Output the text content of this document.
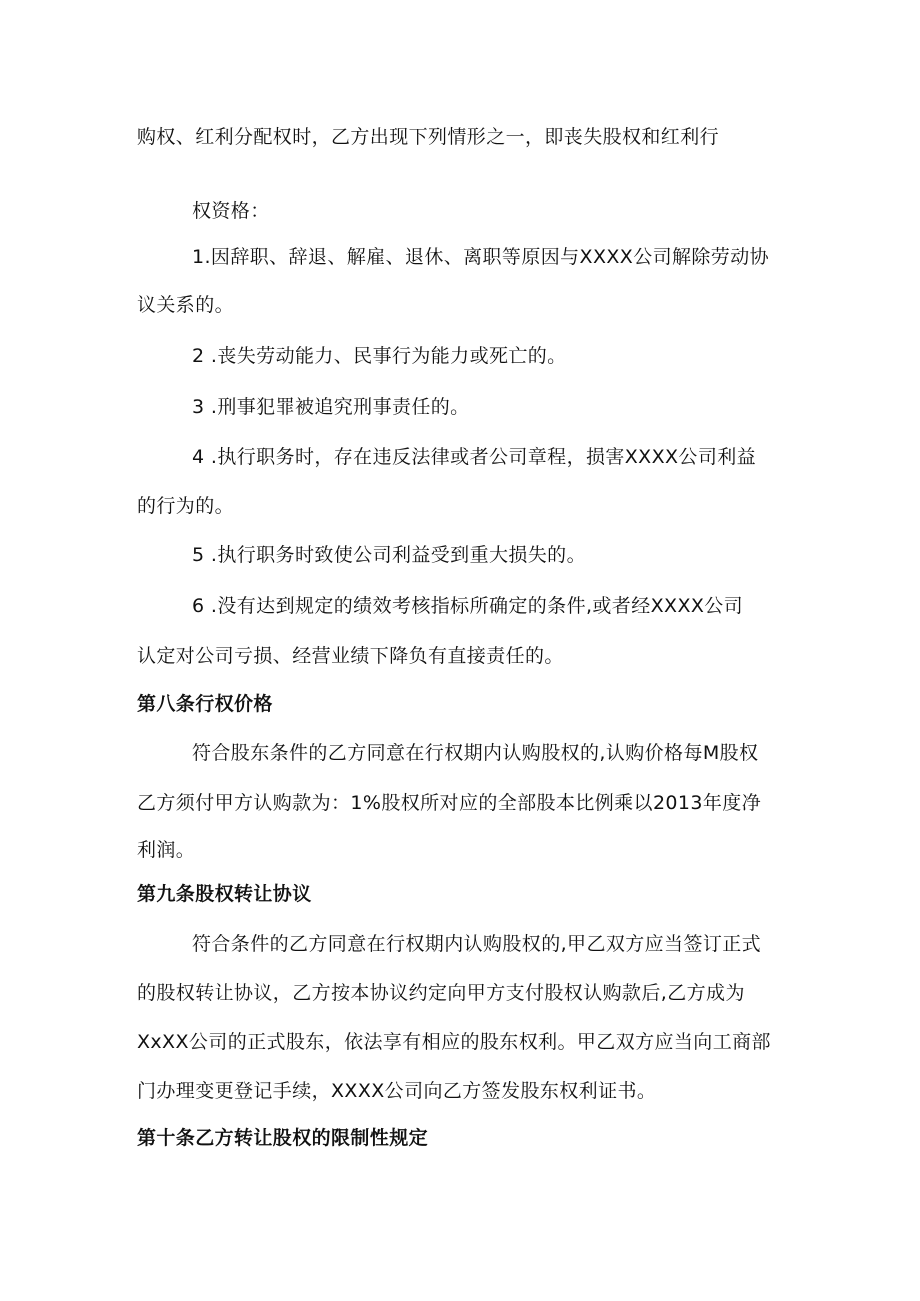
购权、红利分配权时，乙方出现下列情形之一，即丧失股权和红利行
权资格：
1.因辞职、辞退、解雇、退休、离职等原因与XXXX公司解除劳动协
议关系的。
2 .丧失劳动能力、民事行为能力或死亡的。
3 .刑事犯罪被追究刑事责任的。
4 .执行职务时，存在违反法律或者公司章程，损害XXXX公司利益
的行为的。
5 .执行职务时致使公司利益受到重大损失的。
6 .没有达到规定的绩效考核指标所确定的条件,或者经XXXX公司
认定对公司亏损、经营业绩下降负有直接责任的。
第八条行权价格
符合股东条件的乙方同意在行权期内认购股权的,认购价格每M股权
乙方须付甲方认购款为：1%股权所对应的全部股本比例乘以2013年度净
利润。
第九条股权转让协议
符合条件的乙方同意在行权期内认购股权的,甲乙双方应当签订正式
的股权转让协议，乙方按本协议约定向甲方支付股权认购款后,乙方成为
XxXX公司的正式股东，依法享有相应的股东权利。甲乙双方应当向工商部
门办理变更登记手续，XXXX公司向乙方签发股东权利证书。
第十条乙方转让股权的限制性规定
